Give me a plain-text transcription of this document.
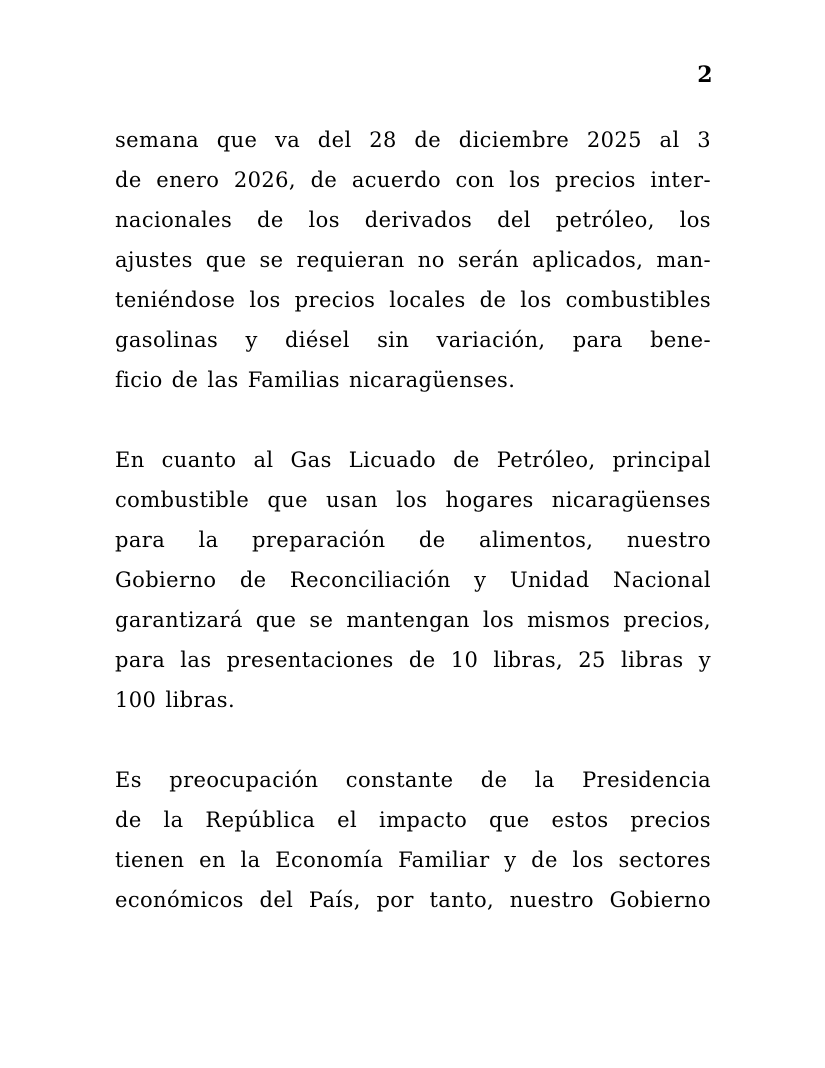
2
semana que va del 28 de diciembre 2025 al 3
de enero 2026, de acuerdo con los precios inter-
nacionales de los derivados del petróleo, los
ajustes que se requieran no serán aplicados, man-
teniéndose los precios locales de los combustibles
gasolinas y diésel sin variación, para bene-
ficio de las Familias nicaragüenses.
En cuanto al Gas Licuado de Petróleo, principal
combustible que usan los hogares nicaragüenses
para la preparación de alimentos, nuestro
Gobierno de Reconciliación y Unidad Nacional
garantizará que se mantengan los mismos precios,
para las presentaciones de 10 libras, 25 libras y
100 libras.
Es preocupación constante de la Presidencia
de la República el impacto que estos precios
tienen en la Economía Familiar y de los sectores
económicos del País, por tanto, nuestro Gobierno
